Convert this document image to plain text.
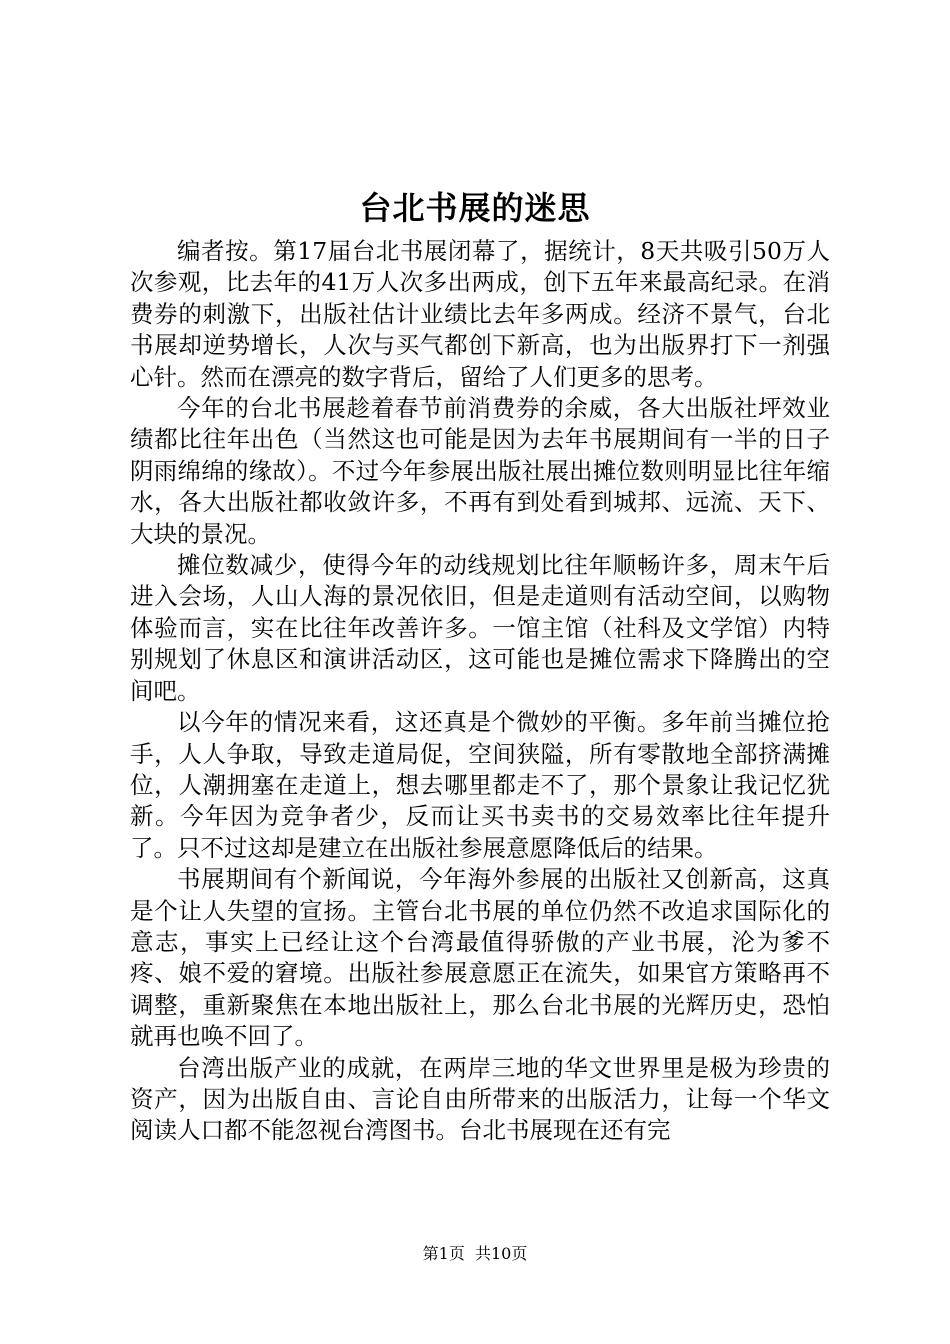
台北书展的迷思

编者按。第17届台北书展闭幕了，据统计，8天共吸引50万人次参观，比去年的41万人次多出两成，创下五年来最高纪录。在消费券的刺激下，出版社估计业绩比去年多两成。经济不景气，台北书展却逆势增长，人次与买气都创下新高，也为出版界打下一剂强心针。然而在漂亮的数字背后，留给了人们更多的思考。

今年的台北书展趁着春节前消费券的余威，各大出版社坪效业绩都比往年出色（当然这也可能是因为去年书展期间有一半的日子阴雨绵绵的缘故）。不过今年参展出版社展出摊位数则明显比往年缩水，各大出版社都收敛许多，不再有到处看到城邦、远流、天下、大块的景况。

摊位数减少，使得今年的动线规划比往年顺畅许多，周末午后进入会场，人山人海的景况依旧，但是走道则有活动空间，以购物体验而言，实在比往年改善许多。一馆主馆（社科及文学馆）内特别规划了休息区和演讲活动区，这可能也是摊位需求下降腾出的空间吧。

以今年的情况来看，这还真是个微妙的平衡。多年前当摊位抢手，人人争取，导致走道局促，空间狭隘，所有零散地全部挤满摊位，人潮拥塞在走道上，想去哪里都走不了，那个景象让我记忆犹新。今年因为竞争者少，反而让买书卖书的交易效率比往年提升了。只不过这却是建立在出版社参展意愿降低后的结果。

书展期间有个新闻说，今年海外参展的出版社又创新高，这真是个让人失望的宣扬。主管台北书展的单位仍然不改追求国际化的意志，事实上已经让这个台湾最值得骄傲的产业书展，沦为爹不疼、娘不爱的窘境。出版社参展意愿正在流失，如果官方策略再不调整，重新聚焦在本地出版社上，那么台北书展的光辉历史，恐怕就再也唤不回了。

台湾出版产业的成就，在两岸三地的华文世界里是极为珍贵的资产，因为出版自由、言论自由所带来的出版活力，让每一个华文阅读人口都不能忽视台湾图书。台北书展现在还有完

第1页  共10页
